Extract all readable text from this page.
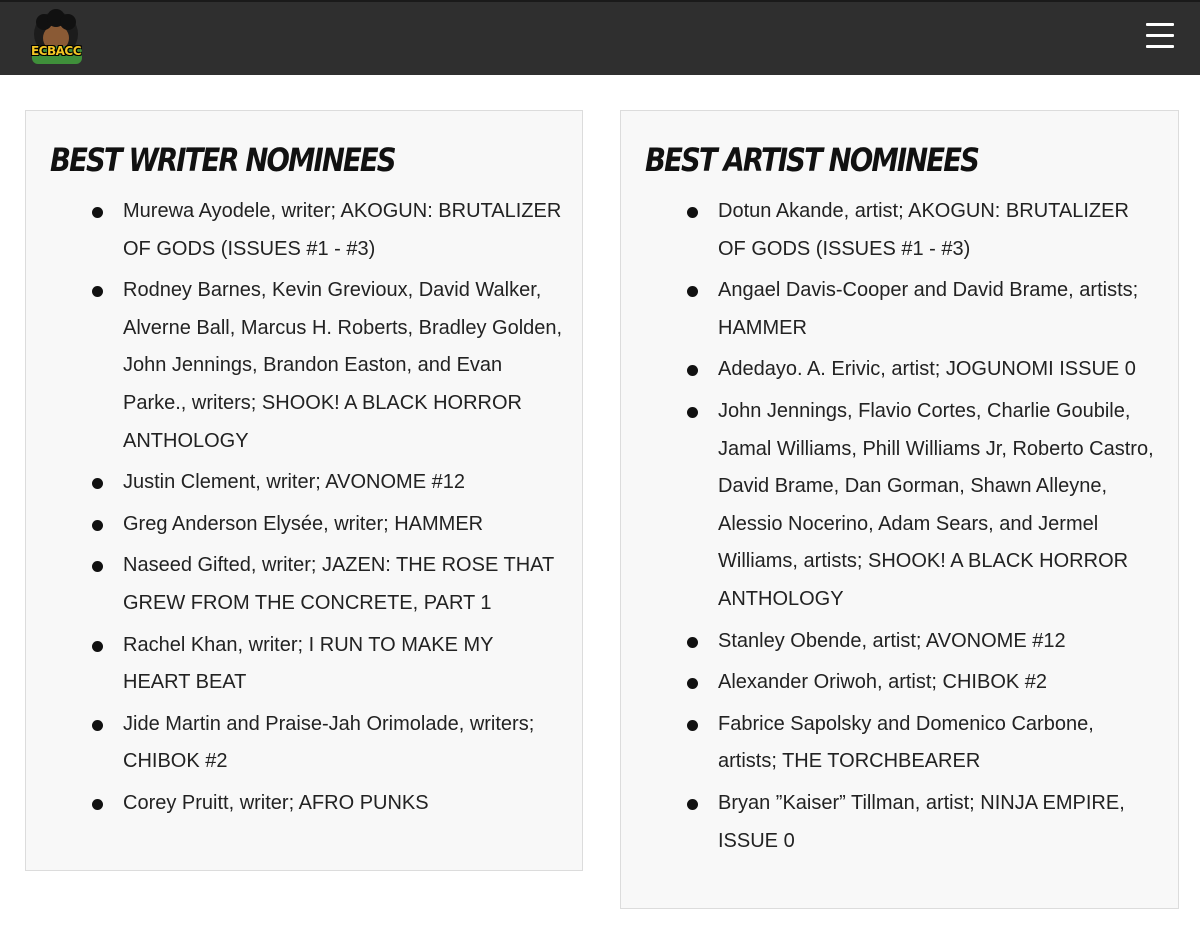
ECBACC
BEST WRITER NOMINEES
Murewa Ayodele, writer; AKOGUN: BRUTALIZER OF GODS (ISSUES #1 - #3)
Rodney Barnes, Kevin Grevioux, David Walker, Alverne Ball, Marcus H. Roberts, Bradley Golden, John Jennings, Brandon Easton, and Evan Parke., writers; SHOOK! A BLACK HORROR ANTHOLOGY
Justin Clement, writer; AVONOME #12
Greg Anderson Elysée, writer; HAMMER
Naseed Gifted, writer; JAZEN: THE ROSE THAT GREW FROM THE CONCRETE, PART 1
Rachel Khan, writer; I RUN TO MAKE MY HEART BEAT
Jide Martin and Praise-Jah Orimolade, writers; CHIBOK #2
Corey Pruitt, writer; AFRO PUNKS
BEST ARTIST NOMINEES
Dotun Akande, artist; AKOGUN: BRUTALIZER OF GODS (ISSUES #1 - #3)
Angael Davis-Cooper and David Brame, artists; HAMMER
Adedayo. A. Erivic, artist; JOGUNOMI ISSUE 0
John Jennings, Flavio Cortes, Charlie Goubile, Jamal Williams, Phill Williams Jr, Roberto Castro, David Brame, Dan Gorman, Shawn Alleyne, Alessio Nocerino, Adam Sears, and Jermel Williams, artists; SHOOK! A BLACK HORROR ANTHOLOGY
Stanley Obende, artist; AVONOME #12
Alexander Oriwoh, artist; CHIBOK #2
Fabrice Sapolsky and Domenico Carbone, artists; THE TORCHBEARER
Bryan ”Kaiser” Tillman, artist; NINJA EMPIRE, ISSUE 0
